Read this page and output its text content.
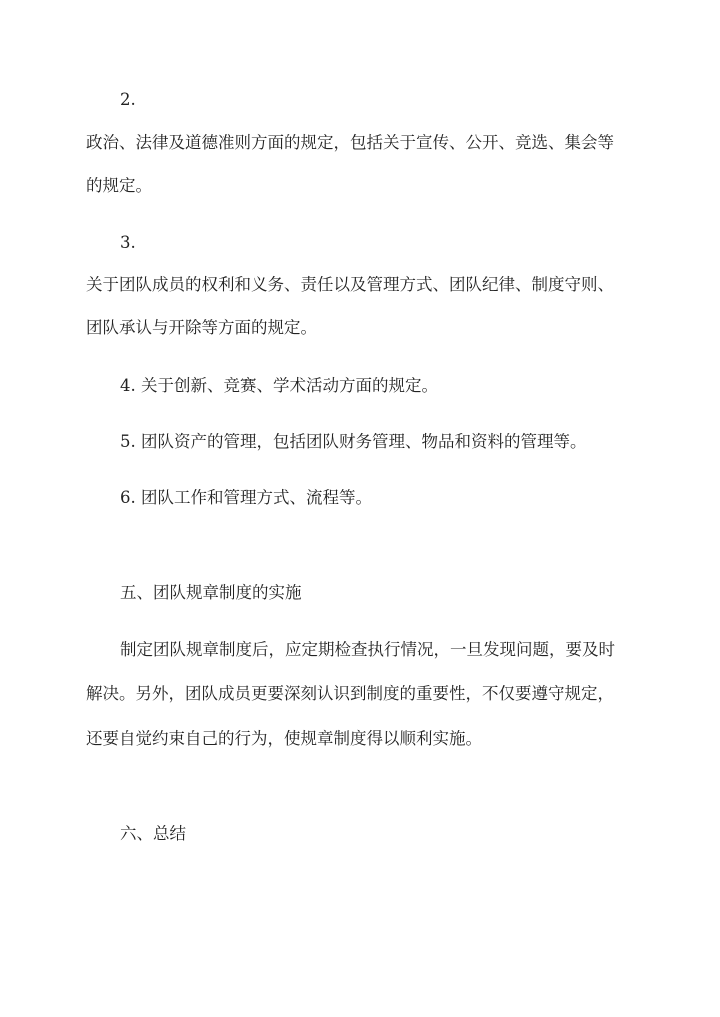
2.
政治、法律及道德准则方面的规定，包括关于宣传、公开、竞选、集会等
的规定。
3.
关于团队成员的权利和义务、责任以及管理方式、团队纪律、制度守则、
团队承认与开除等方面的规定。
4. 关于创新、竞赛、学术活动方面的规定。
5. 团队资产的管理，包括团队财务管理、物品和资料的管理等。
6. 团队工作和管理方式、流程等。
五、团队规章制度的实施
制定团队规章制度后，应定期检查执行情况，一旦发现问题，要及时
解决。另外，团队成员更要深刻认识到制度的重要性，不仅要遵守规定，
还要自觉约束自己的行为，使规章制度得以顺利实施。
六、总结
